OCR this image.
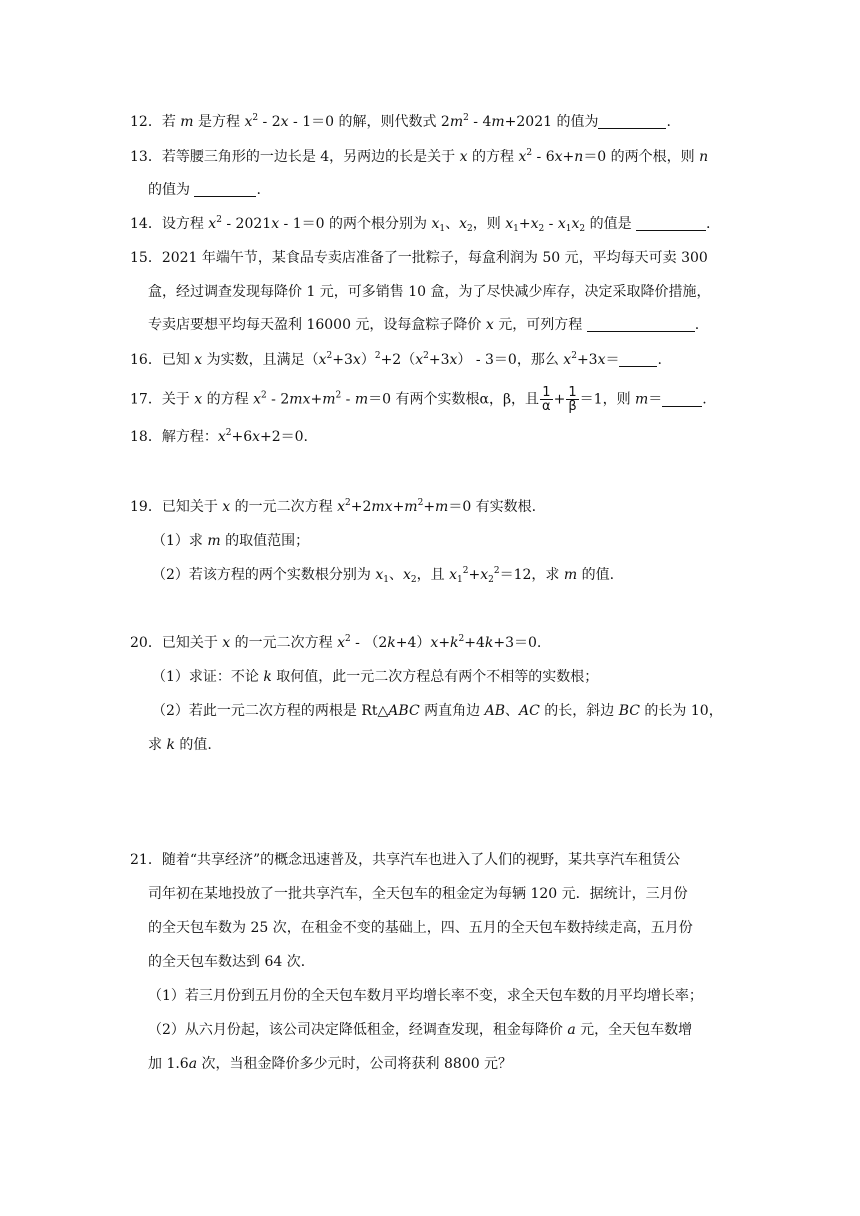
12．若 m 是方程 $x^2 - 2x - 1=0$ 的解，则代数式 $2m^2 - 4m+2021$ 的值为	.
13．若等腰三角形的一边长是 4，另两边的长是关于 x 的方程 $x^2 - 6x+n=0$ 的两个根，则 n
的值为	.
14．设方程 $x^2 - 2021x - 1=0$ 的两个根分别为 $x_1$、$x_2$，则 $x_1+x_2 - x_1x_2$ 的值是	.
15．2021 年端午节，某食品专卖店准备了一批粽子，每盒利润为 50 元，平均每天可卖 300
盒，经过调查发现每降价 1 元，可多销售 10 盒，为了尽快减少库存，决定采取降价措施，
专卖店要想平均每天盈利 16000 元，设每盒粽子降价 x 元，可列方程	.
16．已知 x 为实数，且满足$(x^2+3x)^2+2(x^2+3x) - 3=0$，那么 $x^2+3x=$	.
17．关于 x 的方程 $x^2 - 2mx+m^2 - m=0$ 有两个实数根α，β，且 $\frac{1}{\alpha} + \frac{1}{\beta} =1$，则 m＝	.
18．解方程：$x^2+6x+2=0$.
19．已知关于 x 的一元二次方程 $x^2+2mx+m^2+m=0$ 有实数根.
（1）求 m 的取值范围；
（2）若该方程的两个实数根分别为 $x_1$、$x_2$，且 $x_1^2+x_2^2=12$，求 m 的值.
20．已知关于 x 的一元二次方程 $x^2 - (2k+4)x+k^2+4k+3=0$.
（1）求证：不论 k 取何值，此一元二次方程总有两个不相等的实数根；
（2）若此一元二次方程的两根是 Rt△ABC 两直角边 AB、AC 的长，斜边 BC 的长为 10，
求 k 的值.
21．随着“共享经济”的概念迅速普及，共享汽车也进入了人们的视野，某共享汽车租赁公
司年初在某地投放了一批共享汽车，全天包车的租金定为每辆 120 元．据统计，三月份
的全天包车数为 25 次，在租金不变的基础上，四、五月的全天包车数持续走高，五月份
的全天包车数达到 64 次．
（1）若三月份到五月份的全天包车数月平均增长率不变，求全天包车数的月平均增长率；
（2）从六月份起，该公司决定降低租金，经调查发现，租金每降价 a 元，全天包车数增
加 1.6a 次，当租金降价多少元时，公司将获利 8800 元？
